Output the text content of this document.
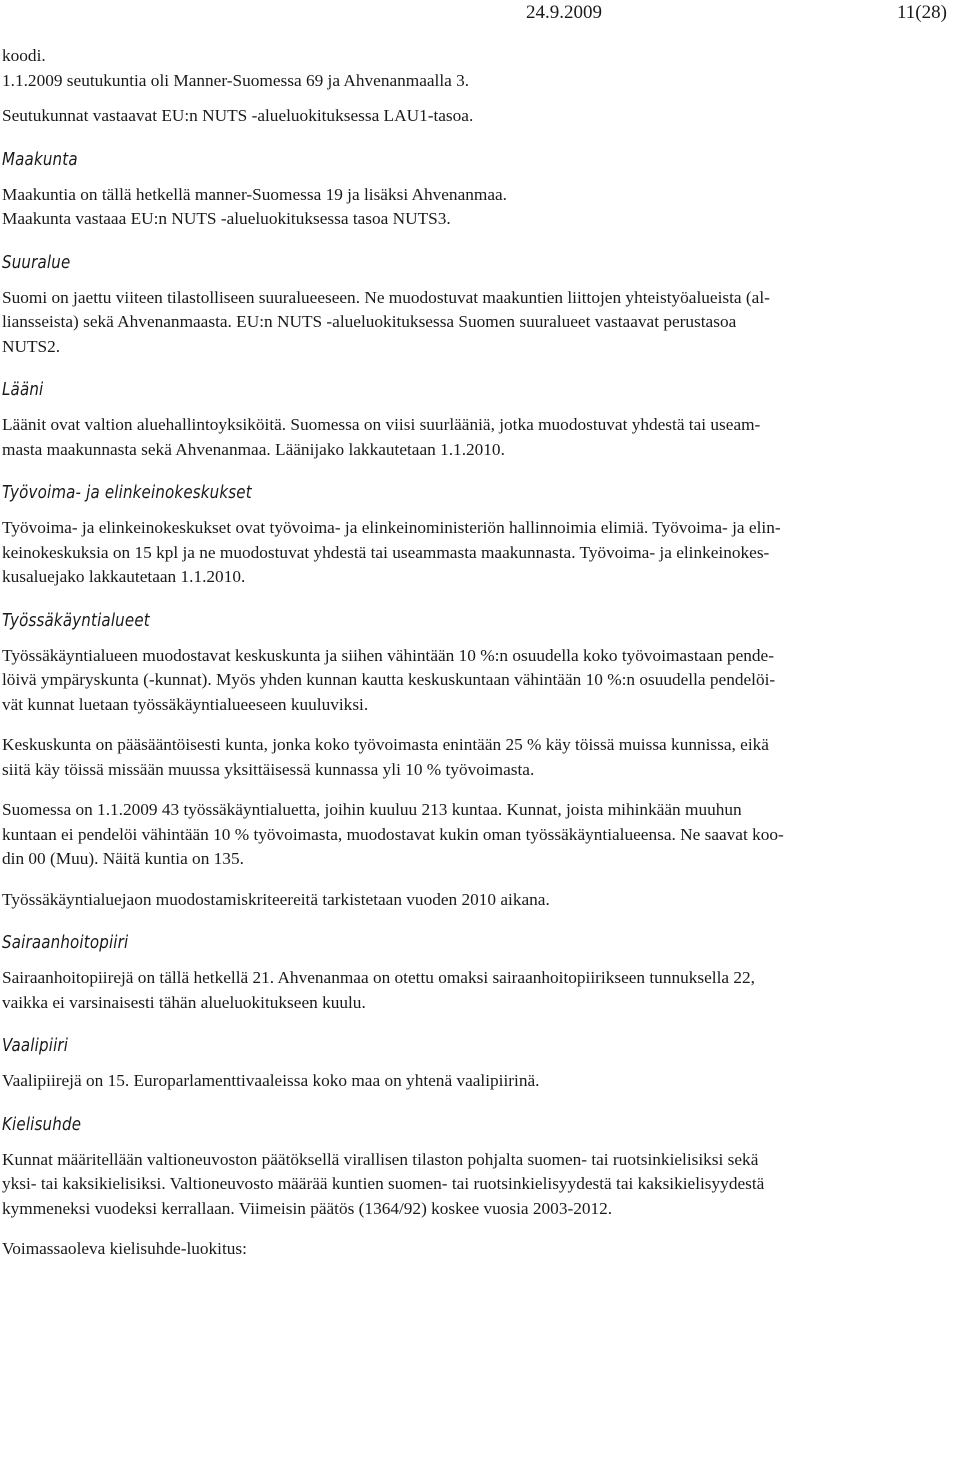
24.9.2009	11(28)

koodi.

1.1.2009 seutukuntia oli Manner-Suomessa 69 ja Ahvenanmaalla 3.

Seutukunnat vastaavat EU:n NUTS -alueluokituksessa LAU1-tasoa.

Maakunta

Maakuntia on tällä hetkellä manner-Suomessa 19 ja lisäksi Ahvenanmaa.

Maakunta vastaaa EU:n NUTS -alueluokituksessa tasoa NUTS3.

Suuralue

Suomi on jaettu viiteen tilastolliseen suuralueeseen. Ne muodostuvat maakuntien liittojen yhteistyöalueista (al-

liansseista) sekä Ahvenanmaasta. EU:n NUTS -alueluokituksessa Suomen suuralueet vastaavat perustasoa

NUTS2.

Lääni

Läänit ovat valtion aluehallintoyksiköitä. Suomessa on viisi suurlääniä, jotka muodostuvat yhdestä tai useam-

masta maakunnasta sekä Ahvenanmaa. Läänijako lakkautetaan 1.1.2010.

Työvoima- ja elinkeinokeskukset

Työvoima- ja elinkeinokeskukset ovat työvoima- ja elinkeinoministeriön hallinnoimia elimiä. Työvoima- ja elin-

keinokeskuksia on 15 kpl ja ne muodostuvat yhdestä tai useammasta maakunnasta. Työvoima- ja elinkeinokes-

kusaluejako lakkautetaan 1.1.2010.

Työssäkäyntialueet

Työssäkäyntialueen muodostavat keskuskunta ja siihen vähintään 10 %:n osuudella koko työvoimastaan pende-

löivä ympäryskunta (-kunnat). Myös yhden kunnan kautta keskuskuntaan vähintään 10 %:n osuudella pendelöi-

vät kunnat luetaan työssäkäyntialueeseen kuuluviksi.

Keskuskunta on pääsääntöisesti kunta, jonka koko työvoimasta enintään 25 % käy töissä muissa kunnissa, eikä

siitä käy töissä missään muussa yksittäisessä kunnassa yli 10 % työvoimasta.

Suomessa on 1.1.2009 43 työssäkäyntialuetta, joihin kuuluu 213 kuntaa. Kunnat, joista mihinkään muuhun

kuntaan ei pendelöi vähintään 10 % työvoimasta, muodostavat kukin oman työssäkäyntialueensa. Ne saavat koo-

din 00 (Muu). Näitä kuntia on 135.

Työssäkäyntialuejaon muodostamiskriteereitä tarkistetaan vuoden 2010 aikana.

Sairaanhoitopiiri

Sairaanhoitopiirejä on tällä hetkellä 21. Ahvenanmaa on otettu omaksi sairaanhoitopiirikseen tunnuksella 22,

vaikka ei varsinaisesti tähän alueluokitukseen kuulu.

Vaalipiiri

Vaalipiirejä on 15. Europarlamenttivaaleissa koko maa on yhtenä vaalipiirinä.

Kielisuhde

Kunnat määritellään valtioneuvoston päätöksellä virallisen tilaston pohjalta suomen- tai ruotsinkielisiksi sekä

yksi- tai kaksikielisiksi. Valtioneuvosto määrää kuntien suomen- tai ruotsinkielisyydestä tai kaksikielisyydestä

kymmeneksi vuodeksi kerrallaan. Viimeisin päätös (1364/92) koskee vuosia 2003-2012.

Voimassaoleva kielisuhde-luokitus:
